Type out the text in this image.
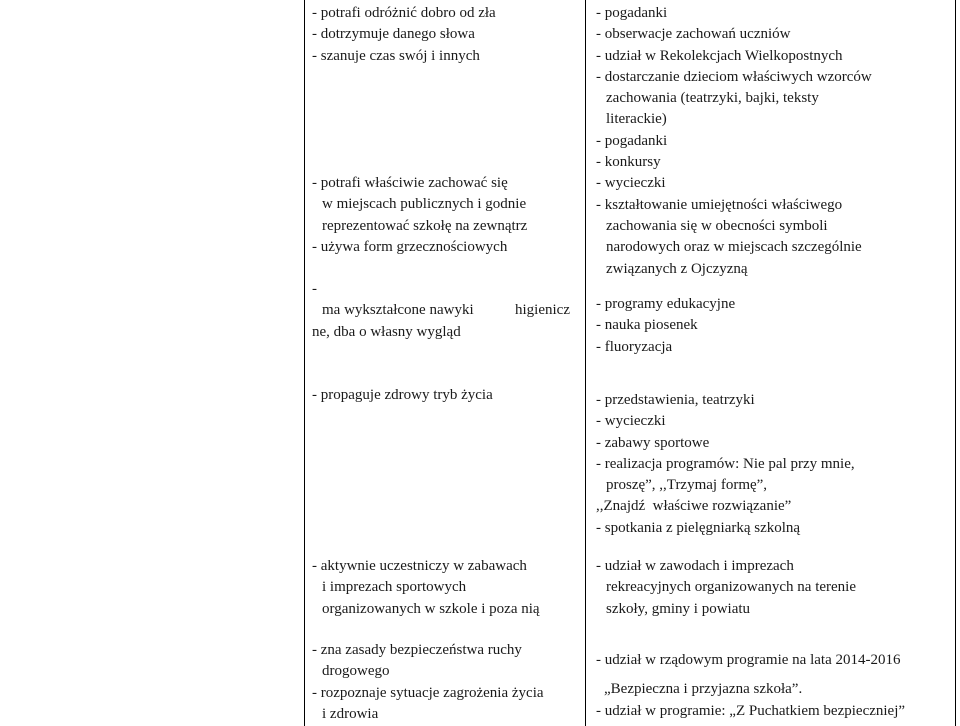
- potrafi odróżnić dobro od zła
- dotrzymuje danego słowa
- szanuje czas swój i innych
- potrafi właściwie zachować się
w miejscach publicznych i godnie
reprezentować szkołę na zewnątrz
- używa form grzecznościowych
-
ma wykształcone nawyki	higienicz
ne, dba o własny wygląd
- pogadanki
- obserwacje zachowań uczniów
- udział w Rekolekcjach Wielkopostnych
- dostarczanie dzieciom właściwych wzorców
zachowania (teatrzyki, bajki, teksty
literackie)
- pogadanki
- konkursy
- wycieczki
- kształtowanie umiejętności właściwego
zachowania się w obecności symboli
narodowych oraz w miejscach szczególnie
związanych z Ojczyzną
- programy edukacyjne
- nauka piosenek
- fluoryzacja
- propaguje zdrowy tryb życia	- przedstawienia, teatrzyki
- wycieczki
- zabawy sportowe
- realizacja programów: Nie pal przy mnie,
proszę”, ,,Trzymaj formę”,
,,Znajdź  właściwe rozwiązanie”
- spotkania z pielęgniarką szkolną
- aktywnie uczestniczy w zabawach
i imprezach sportowych
organizowanych w szkole i poza nią
- udział w zawodach i imprezach
rekreacyjnych organizowanych na terenie
szkoły, gminy i powiatu
- zna zasady bezpieczeństwa ruchy
drogowego
- rozpoznaje sytuacje zagrożenia życia
i zdrowia
- udział w rządowym programie na lata 2014-2016
„Bezpieczna i przyjazna szkoła”.
- udział w programie: „Z Puchatkiem bezpieczniej”
